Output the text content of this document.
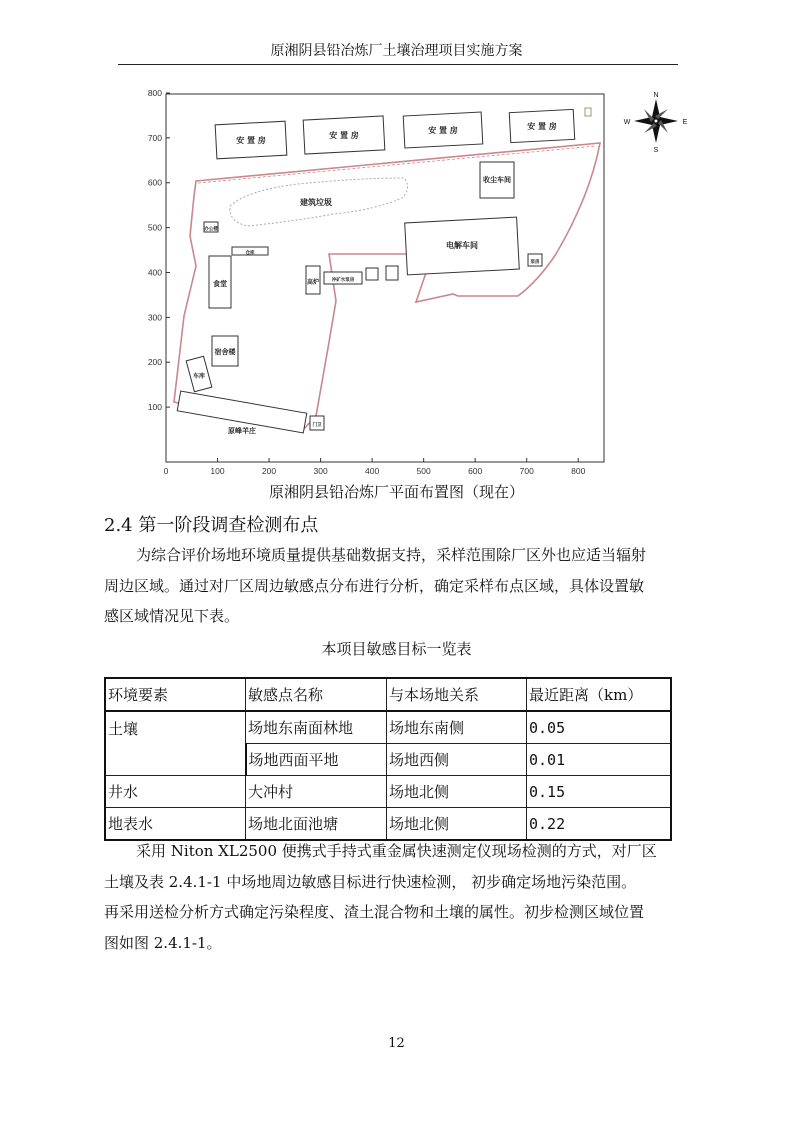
原湘阴县铅冶炼厂土壤治理项目实施方案
800
700
600
500
400
300
200
100
0	100	200	300	400	500	600	700	800
安 置 房
安 置 房
安 置 房	安 置 房
收尘车间
建筑垃圾
电解车间
食堂	高炉
宿舍楼
车库
原峰羊庄
办公楼
仓库
冲矿水泵房
泵房
门卫
N
S
E
W
原湘阴县铅冶炼厂平面布置图（现在）
2.4 第一阶段调查检测布点
为综合评价场地环境质量提供基础数据支持，采样范围除厂区外也应适当辐射
周边区域。通过对厂区周边敏感点分布进行分析，确定采样布点区域，具体设置敏
感区域情况见下表。
本项目敏感目标一览表
环境要素	敏感点名称	与本场地关系	最近距离（km）
土壤	场地东南面林地	场地东南侧	0.05
	场地西面平地	场地西侧	0.01
井水	大冲村	场地北侧	0.15
地表水	场地北面池塘	场地北侧	0.22
采用 Niton XL2500 便携式手持式重金属快速测定仪现场检测的方式，对厂区
土壤及表 2.4.1-1 中场地周边敏感目标进行快速检测， 初步确定场地污染范围。
再采用送检分析方式确定污染程度、渣土混合物和土壤的属性。初步检测区域位置
图如图 2.4.1-1。
12
